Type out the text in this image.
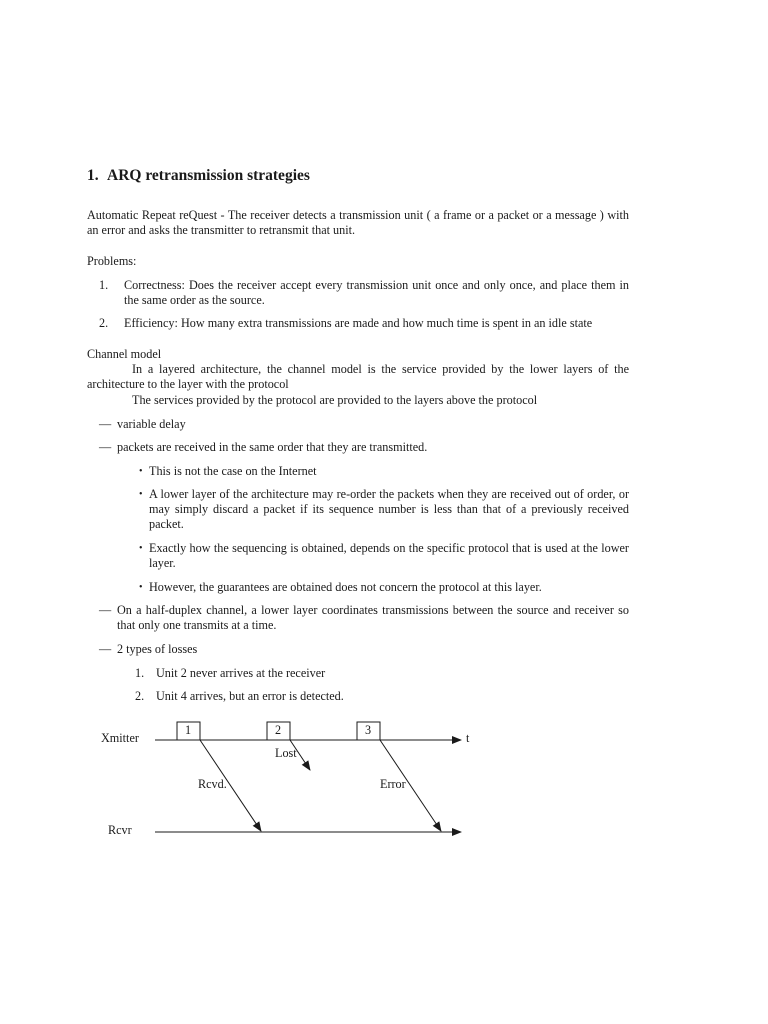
1. ARQ retransmission strategies
Automatic Repeat reQuest - The receiver detects a transmission unit ( a frame or a packet or a message ) with an error and asks the transmitter to retransmit that unit.
Problems:
1. Correctness: Does the receiver accept every transmission unit once and only once, and place them in the same order as the source.
2. Efficiency: How many extra transmissions are made and how much time is spent in an idle state
Channel model
In a layered architecture, the channel model is the service provided by the lower layers of the architecture to the layer with the protocol
The services provided by the protocol are provided to the layers above the protocol
— variable delay
— packets are received in the same order that they are transmitted.
• This is not the case on the Internet
• A lower layer of the architecture may re-order the packets when they are received out of order, or may simply discard a packet if its sequence number is less than that of a previously received packet.
• Exactly how the sequencing is obtained, depends on the specific protocol that is used at the lower layer.
• However, the guarantees are obtained does not concern the protocol at this layer.
— On a half-duplex channel, a lower layer coordinates transmissions between the source and receiver so that only one transmits at a time.
— 2 types of losses
1. Unit 2 never arrives at the receiver
2. Unit 4 arrives, but an error is detected.
Xmitter
Rcvr
t
1	2	3
Lost
Rcvd.	Error
